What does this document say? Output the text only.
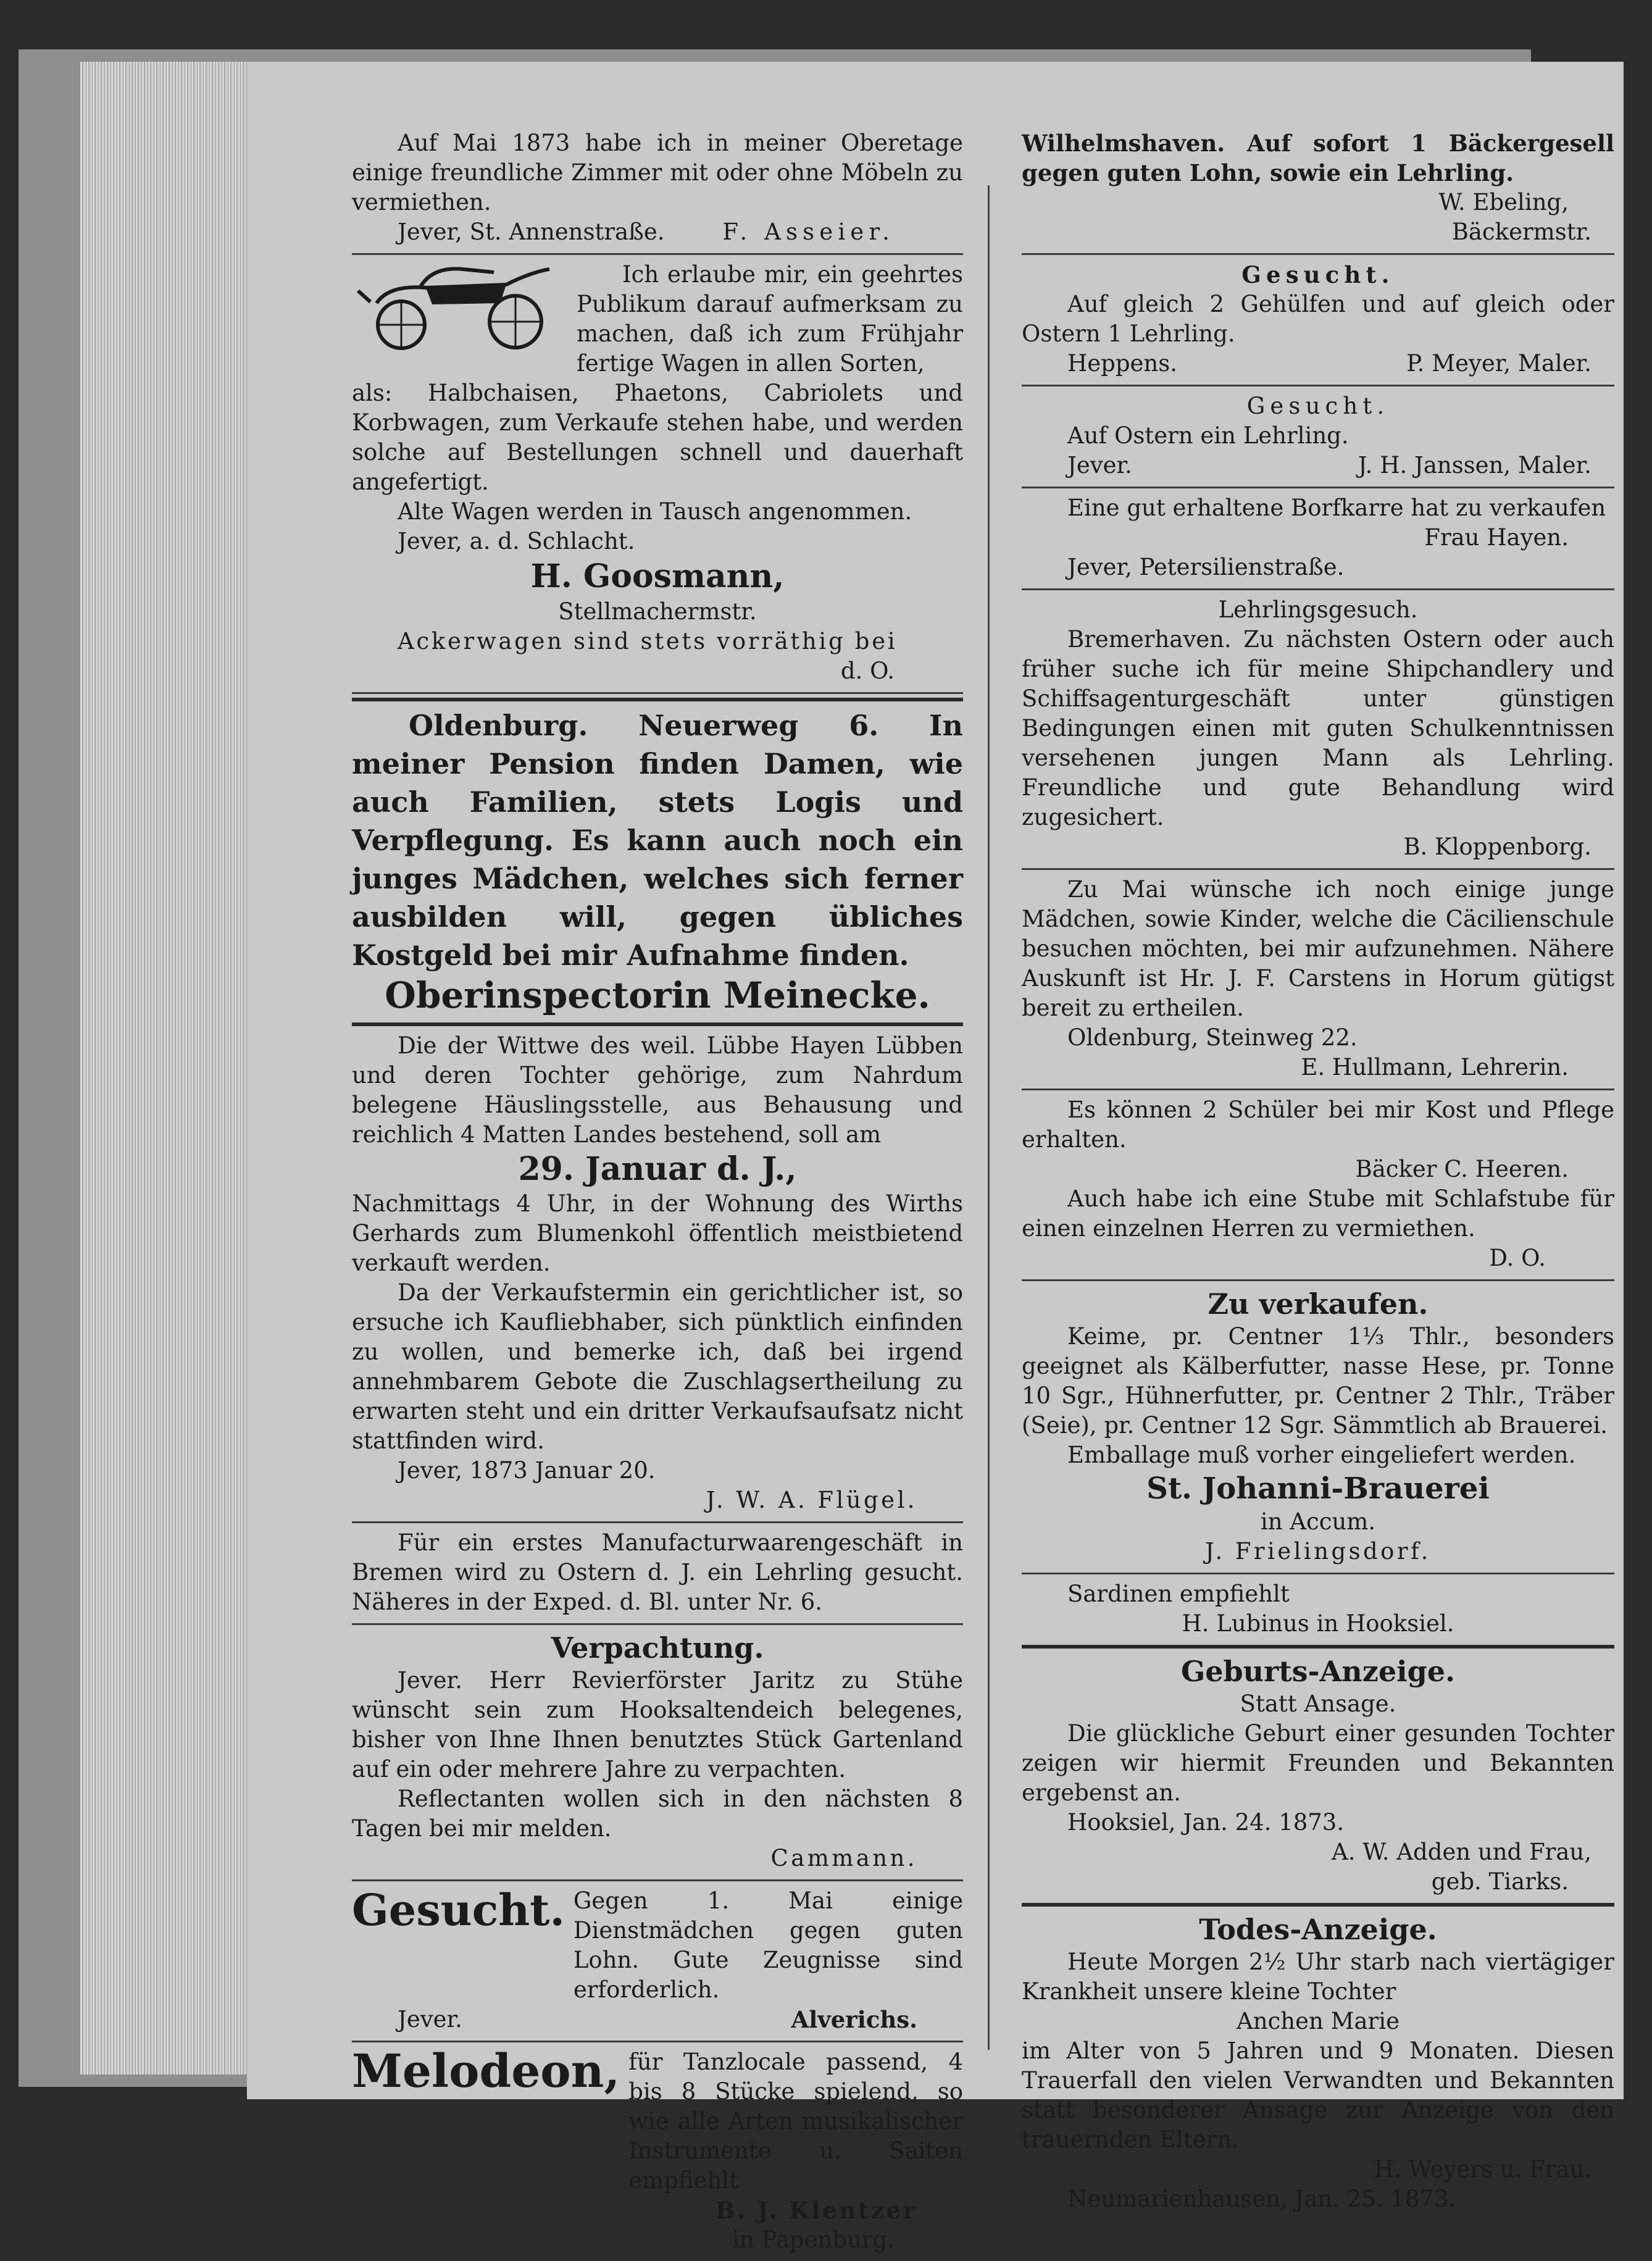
Auf Mai 1873 habe ich in meiner Oberetage einige freundliche Zimmer mit oder ohne Möbeln zu vermiethen.

Jever, St. Annenstraße.	F. Asseier.

Ich erlaube mir, ein geehrtes Publikum darauf aufmerksam zu machen, daß ich zum Frühjahr fertige Wagen in allen Sorten,

als: Halbchaisen, Phaetons, Cabriolets und Korbwagen, zum Verkaufe stehen habe, und werden solche auf Bestellungen schnell und dauerhaft angefertigt.

Alte Wagen werden in Tausch angenommen.

Jever, a. d. Schlacht.

H. Goosmann,

Stellmachermstr.

Ackerwagen sind stets vorräthig bei

d. O.

Oldenburg. Neuerweg 6. In meiner Pension finden Damen, wie auch Familien, stets Logis und Verpflegung. Es kann auch noch ein junges Mädchen, welches sich ferner ausbilden will, gegen übliches Kostgeld bei mir Aufnahme finden.

Oberinspectorin Meinecke.

Die der Wittwe des weil. Lübbe Hayen Lübben und deren Tochter gehörige, zum Nahrdum belegene Häuslingsstelle, aus Behausung und reichlich 4 Matten Landes bestehend, soll am

29. Januar d. J.,

Nachmittags 4 Uhr, in der Wohnung des Wirths Gerhards zum Blumenkohl öffentlich meistbietend verkauft werden.

Da der Verkaufstermin ein gerichtlicher ist, so ersuche ich Kaufliebhaber, sich pünktlich einfinden zu wollen, und bemerke ich, daß bei irgend annehmbarem Gebote die Zuschlagsertheilung zu erwarten steht und ein dritter Verkaufsaufsatz nicht stattfinden wird.

Jever, 1873 Januar 20.

J. W. A. Flügel.

Für ein erstes Manufacturwaarengeschäft in Bremen wird zu Ostern d. J. ein Lehrling gesucht. Näheres in der Exped. d. Bl. unter Nr. 6.

Verpachtung.

Jever. Herr Revierförster Jaritz zu Stühe wünscht sein zum Hooksaltendeich belegenes, bisher von Ihne Ihnen benutztes Stück Gartenland auf ein oder mehrere Jahre zu verpachten.

Reflectanten wollen sich in den nächsten 8 Tagen bei mir melden.

Cammann.

Gesucht. Gegen 1. Mai einige Dienstmädchen gegen guten Lohn. Gute Zeugnisse sind erforderlich.

Jever.	Alverichs.
Melodeon, für Tanzlocale passend, 4 bis 8 Stücke spielend, so wie alle Arten musikalischer Instrumente u. Saiten empfiehlt

B. J. Klentzer

in Papenburg.

Wilhelmshaven. Auf sofort 1 Bäckergesell gegen guten Lohn, sowie ein Lehrling.

W. Ebeling,

Bäckermstr.

Gesucht.

Auf gleich 2 Gehülfen und auf gleich oder Ostern 1 Lehrling.

Heppens.	P. Meyer, Maler.

Gesucht.

Auf Ostern ein Lehrling.

Jever.	J. H. Janssen, Maler.

Eine gut erhaltene Borfkarre hat zu verkaufen

Frau Hayen.

Jever, Petersilienstraße.

Lehrlingsgesuch.

Bremerhaven. Zu nächsten Ostern oder auch früher suche ich für meine Shipchandlery und Schiffsagenturgeschäft unter günstigen Bedingungen einen mit guten Schulkenntnissen versehenen jungen Mann als Lehrling. Freundliche und gute Behandlung wird zugesichert.

B. Kloppenborg.

Zu Mai wünsche ich noch einige junge Mädchen, sowie Kinder, welche die Cäcilienschule besuchen möchten, bei mir aufzunehmen. Nähere Auskunft ist Hr. J. F. Carstens in Horum gütigst bereit zu ertheilen.

Oldenburg, Steinweg 22.

E. Hullmann, Lehrerin.

Es können 2 Schüler bei mir Kost und Pflege erhalten.

Bäcker C. Heeren.

Auch habe ich eine Stube mit Schlafstube für einen einzelnen Herren zu vermiethen.

D. O.

Zu verkaufen.

Keime, pr. Centner 1⅓ Thlr., besonders geeignet als Kälberfutter, nasse Hese, pr. Tonne 10 Sgr., Hühnerfutter, pr. Centner 2 Thlr., Träber (Seie), pr. Centner 12 Sgr. Sämmtlich ab Brauerei.

Emballage muß vorher eingeliefert werden.

St. Johanni-Brauerei

in Accum.

J. Frielingsdorf.

Sardinen empfiehlt

H. Lubinus in Hooksiel.

Geburts-Anzeige.

Statt Ansage.

Die glückliche Geburt einer gesunden Tochter zeigen wir hiermit Freunden und Bekannten ergebenst an.

Hooksiel, Jan. 24. 1873.

A. W. Adden und Frau,

geb. Tiarks.

Todes-Anzeige.

Heute Morgen 2½ Uhr starb nach viertägiger Krankheit unsere kleine Tochter

Anchen Marie

im Alter von 5 Jahren und 9 Monaten. Diesen Trauerfall den vielen Verwandten und Bekannten statt besonderer Ansage zur Anzeige von den trauernden Eltern.

H. Weyers u. Frau.

Neumarienhausen, Jan. 25. 1873.
